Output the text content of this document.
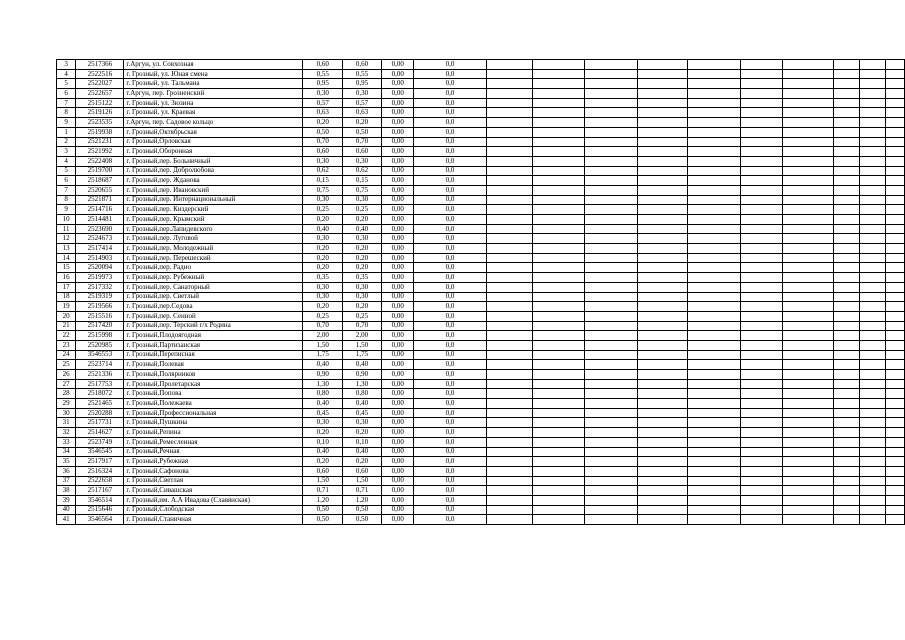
3	2517366	г.Аргун, ул. Совхозная	0,60	0,60	0,00	0,0										
4	2522516	г. Грозный, ул. Юная смена	0,55	0,55	0,00	0,0										
5	2522027	г. Грозный, ул. Тальмана	0,95	0,95	0,00	0,0										
6	2522657	г.Аргун, пер. Грозненский	0,30	0,30	0,00	0,0										
7	2515122	г. Грозный, ул. Зюзина	0,57	0,57	0,00	0,0										
8	2519126	г. Грозный, ул. Краевая	0,63	0,63	0,00	0,0										
9	2523535	г.Аргун, пер. Садовое кольцо	0,20	0,20	0,00	0,0										
1	2519938	г. Грозный,Октябрьская	0,50	0,50	0,00	0,0										
2	2521231	г. Грозный,Орловская	0,70	0,70	0,00	0,0										
3	2521992	г. Грозный,Оборонная	0,60	0,60	0,00	0,0										
4	2522408	г. Грозный,пер. Больничный	0,30	0,30	0,00	0,0										
5	2519700	г. Грозный,пер. Добролюбова	0,62	0,62	0,00	0,0										
6	2518687	г. Грозный,пер. Жданова	0,15	0,15	0,00	0,0										
7	2520655	г. Грозный,пер. Ивановский	0,75	0,75	0,00	0,0										
8	2521871	г. Грозный,пер. Интернациональный	0,30	0,30	0,00	0,0										
9	2514716	г. Грозный,пер. Киздерский	0,25	0,25	0,00	0,0										
10	2514481	г. Грозный,пер. Крымский	0,20	0,20	0,00	0,0										
11	2523690	г. Грозный,пер.Лапидевского	0,40	0,40	0,00	0,0										
12	2524673	г. Грозный,пер. Луговой	0,30	0,30	0,00	0,0										
13	2517414	г. Грозный,пер. Молодежный	0,20	0,20	0,00	0,0										
14	2514903	г. Грозный,пер. Перешеский	0,20	0,20	0,00	0,0										
15	2520094	г. Грозный,пер. Радио	0,20	0,20	0,00	0,0										
16	2519973	г. Грозный,пер. Рубежный	0,35	0,35	0,00	0,0										
17	2517332	г. Грозный,пер. Санаторный	0,30	0,30	0,00	0,0										
18	2519319	г. Грозный,пер. Светлый	0,30	0,30	0,00	0,0										
19	2519566	г. Грозный,пер.Седова	0,20	0,20	0,00	0,0										
20	2515516	г. Грозный,пер. Сенной	0,25	0,25	0,00	0,0										
21	2517420	г. Грозный,пер. Терский г/х Родина	0,70	0,70	0,00	0,0										
22	2515998	г. Грозный,Плодоягодная	2,00	2,00	0,00	0,0										
23	2520985	г. Грозный,Партизанская	1,50	1,50	0,00	0,0										
24	3546553	г. Грозный,Переписная	1,75	1,75	0,00	0,0										
25	2523714	г. Грозный,Полевая	0,40	0,40	0,00	0,0										
26	2521336	г. Грозный,Полярников	0,90	0,90	0,00	0,0										
27	2517753	г. Грозный,Пролетарская	1,30	1,30	0,00	0,0										
28	2518072	г. Грозный,Попова	0,80	0,80	0,00	0,0										
29	2521465	г. Грозный,Полежаева	0,40	0,40	0,00	0,0										
30	2520288	г. Грозный,Профессиональная	0,45	0,45	0,00	0,0										
31	2517731	г. Грозный,Пушкина	0,30	0,30	0,00	0,0										
32	2514627	г. Грозный,Репина	0,20	0,20	0,00	0,0										
33	2523749	г. Грозный,Ремесленная	0,10	0,10	0,00	0,0										
34	3546545	г. Грозный,Речная	0,40	0,40	0,00	0,0										
35	2517917	г. Грозный,Рубежная	0,20	0,20	0,00	0,0										
36	2516324	г. Грозный,Сафонова	0,60	0,60	0,00	0,0										
37	2522658	г. Грозный,Светлая	1,50	1,50	0,00	0,0										
38	2517167	г. Грозный,Сивашская	0,71	0,71	0,00	0,0										
39	3546514	г. Грозный,им. А.А Ивадова (Славянская)	1,20	1,20	0,00	0,0										
40	2515646	г. Грозный,Слободская	0,50	0,50	0,00	0,0										
41	3546564	г. Грозный,Станичная	0,50	0,50	0,00	0,0										
